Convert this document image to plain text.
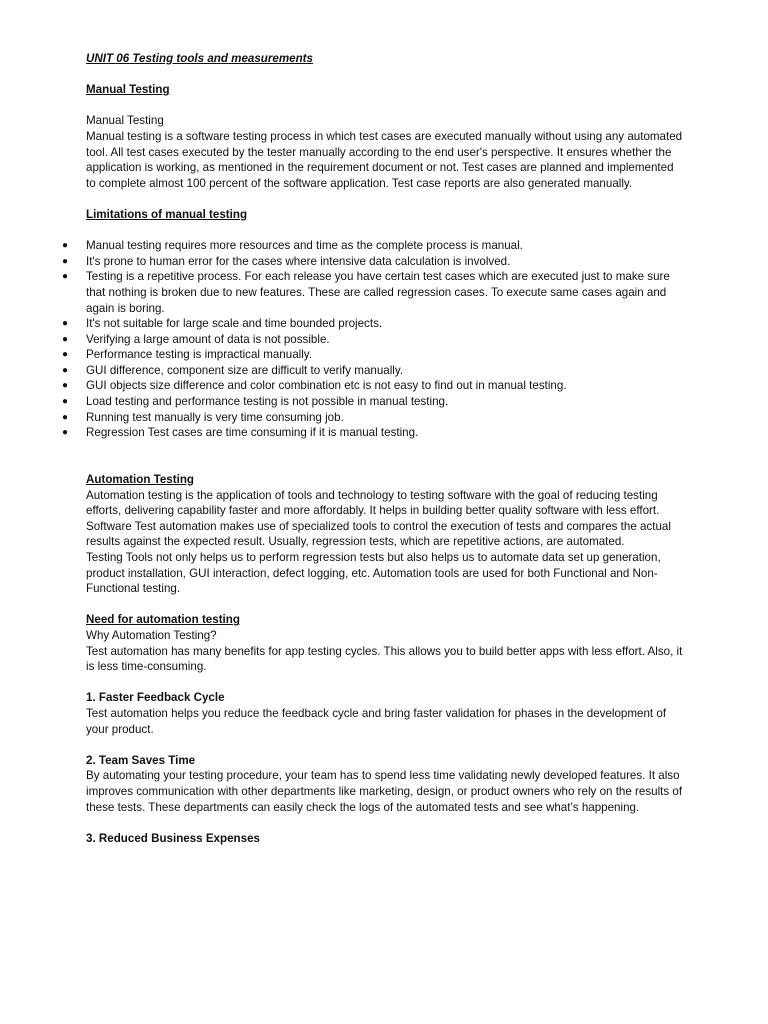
UNIT 06 Testing tools and measurements

Manual Testing

Manual Testing

Manual testing is a software testing process in which test cases are executed manually without using any automated tool. All test cases executed by the tester manually according to the end user's perspective. It ensures whether the application is working, as mentioned in the requirement document or not. Test cases are planned and implemented to complete almost 100 percent of the software application. Test case reports are also generated manually.

Limitations of manual testing

● Manual testing requires more resources and time as the complete process is manual.
● It's prone to human error for the cases where intensive data calculation is involved.
● Testing is a repetitive process. For each release you have certain test cases which are executed just to make sure that nothing is broken due to new features. These are called regression cases. To execute same cases again and again is boring.
● It's not suitable for large scale and time bounded projects.
● Verifying a large amount of data is not possible.
● Performance testing is impractical manually.
● GUI difference, component size are difficult to verify manually.
● GUI objects size difference and color combination etc is not easy to find out in manual testing.
● Load testing and performance testing is not possible in manual testing.
● Running test manually is very time consuming job.
● Regression Test cases are time consuming if it is manual testing.

Automation Testing

Automation testing is the application of tools and technology to testing software with the goal of reducing testing efforts, delivering capability faster and more affordably. It helps in building better quality software with less effort.

Software Test automation makes use of specialized tools to control the execution of tests and compares the actual results against the expected result. Usually, regression tests, which are repetitive actions, are automated.

Testing Tools not only helps us to perform regression tests but also helps us to automate data set up generation, product installation, GUI interaction, defect logging, etc. Automation tools are used for both Functional and Non-Functional testing.

Need for automation testing

Why Automation Testing?

Test automation has many benefits for app testing cycles. This allows you to build better apps with less effort. Also, it is less time-consuming.

1. Faster Feedback Cycle

Test automation helps you reduce the feedback cycle and bring faster validation for phases in the development of your product.

2. Team Saves Time

By automating your testing procedure, your team has to spend less time validating newly developed features. It also improves communication with other departments like marketing, design, or product owners who rely on the results of these tests. These departments can easily check the logs of the automated tests and see what’s happening.

3. Reduced Business Expenses
